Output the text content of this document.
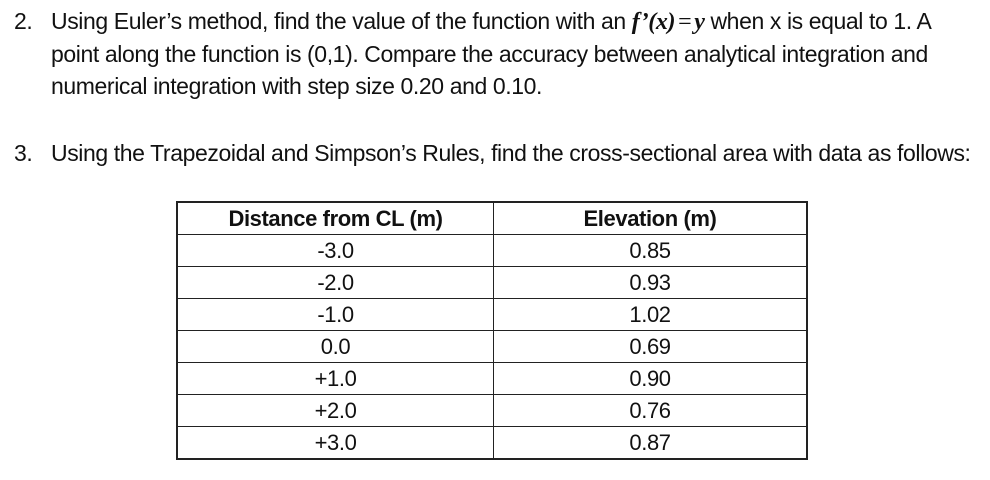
2. Using Euler’s method, find the value of the function with an f’(x) = y when x is equal to 1. A point along the function is (0,1). Compare the accuracy between analytical integration and numerical integration with step size 0.20 and 0.10.
3. Using the Trapezoidal and Simpson’s Rules, find the cross-sectional area with data as follows:
Distance from CL (m)	Elevation (m)
-3.0	0.85
-2.0	0.93
-1.0	1.02
0.0	0.69
+1.0	0.90
+2.0	0.76
+3.0	0.87
